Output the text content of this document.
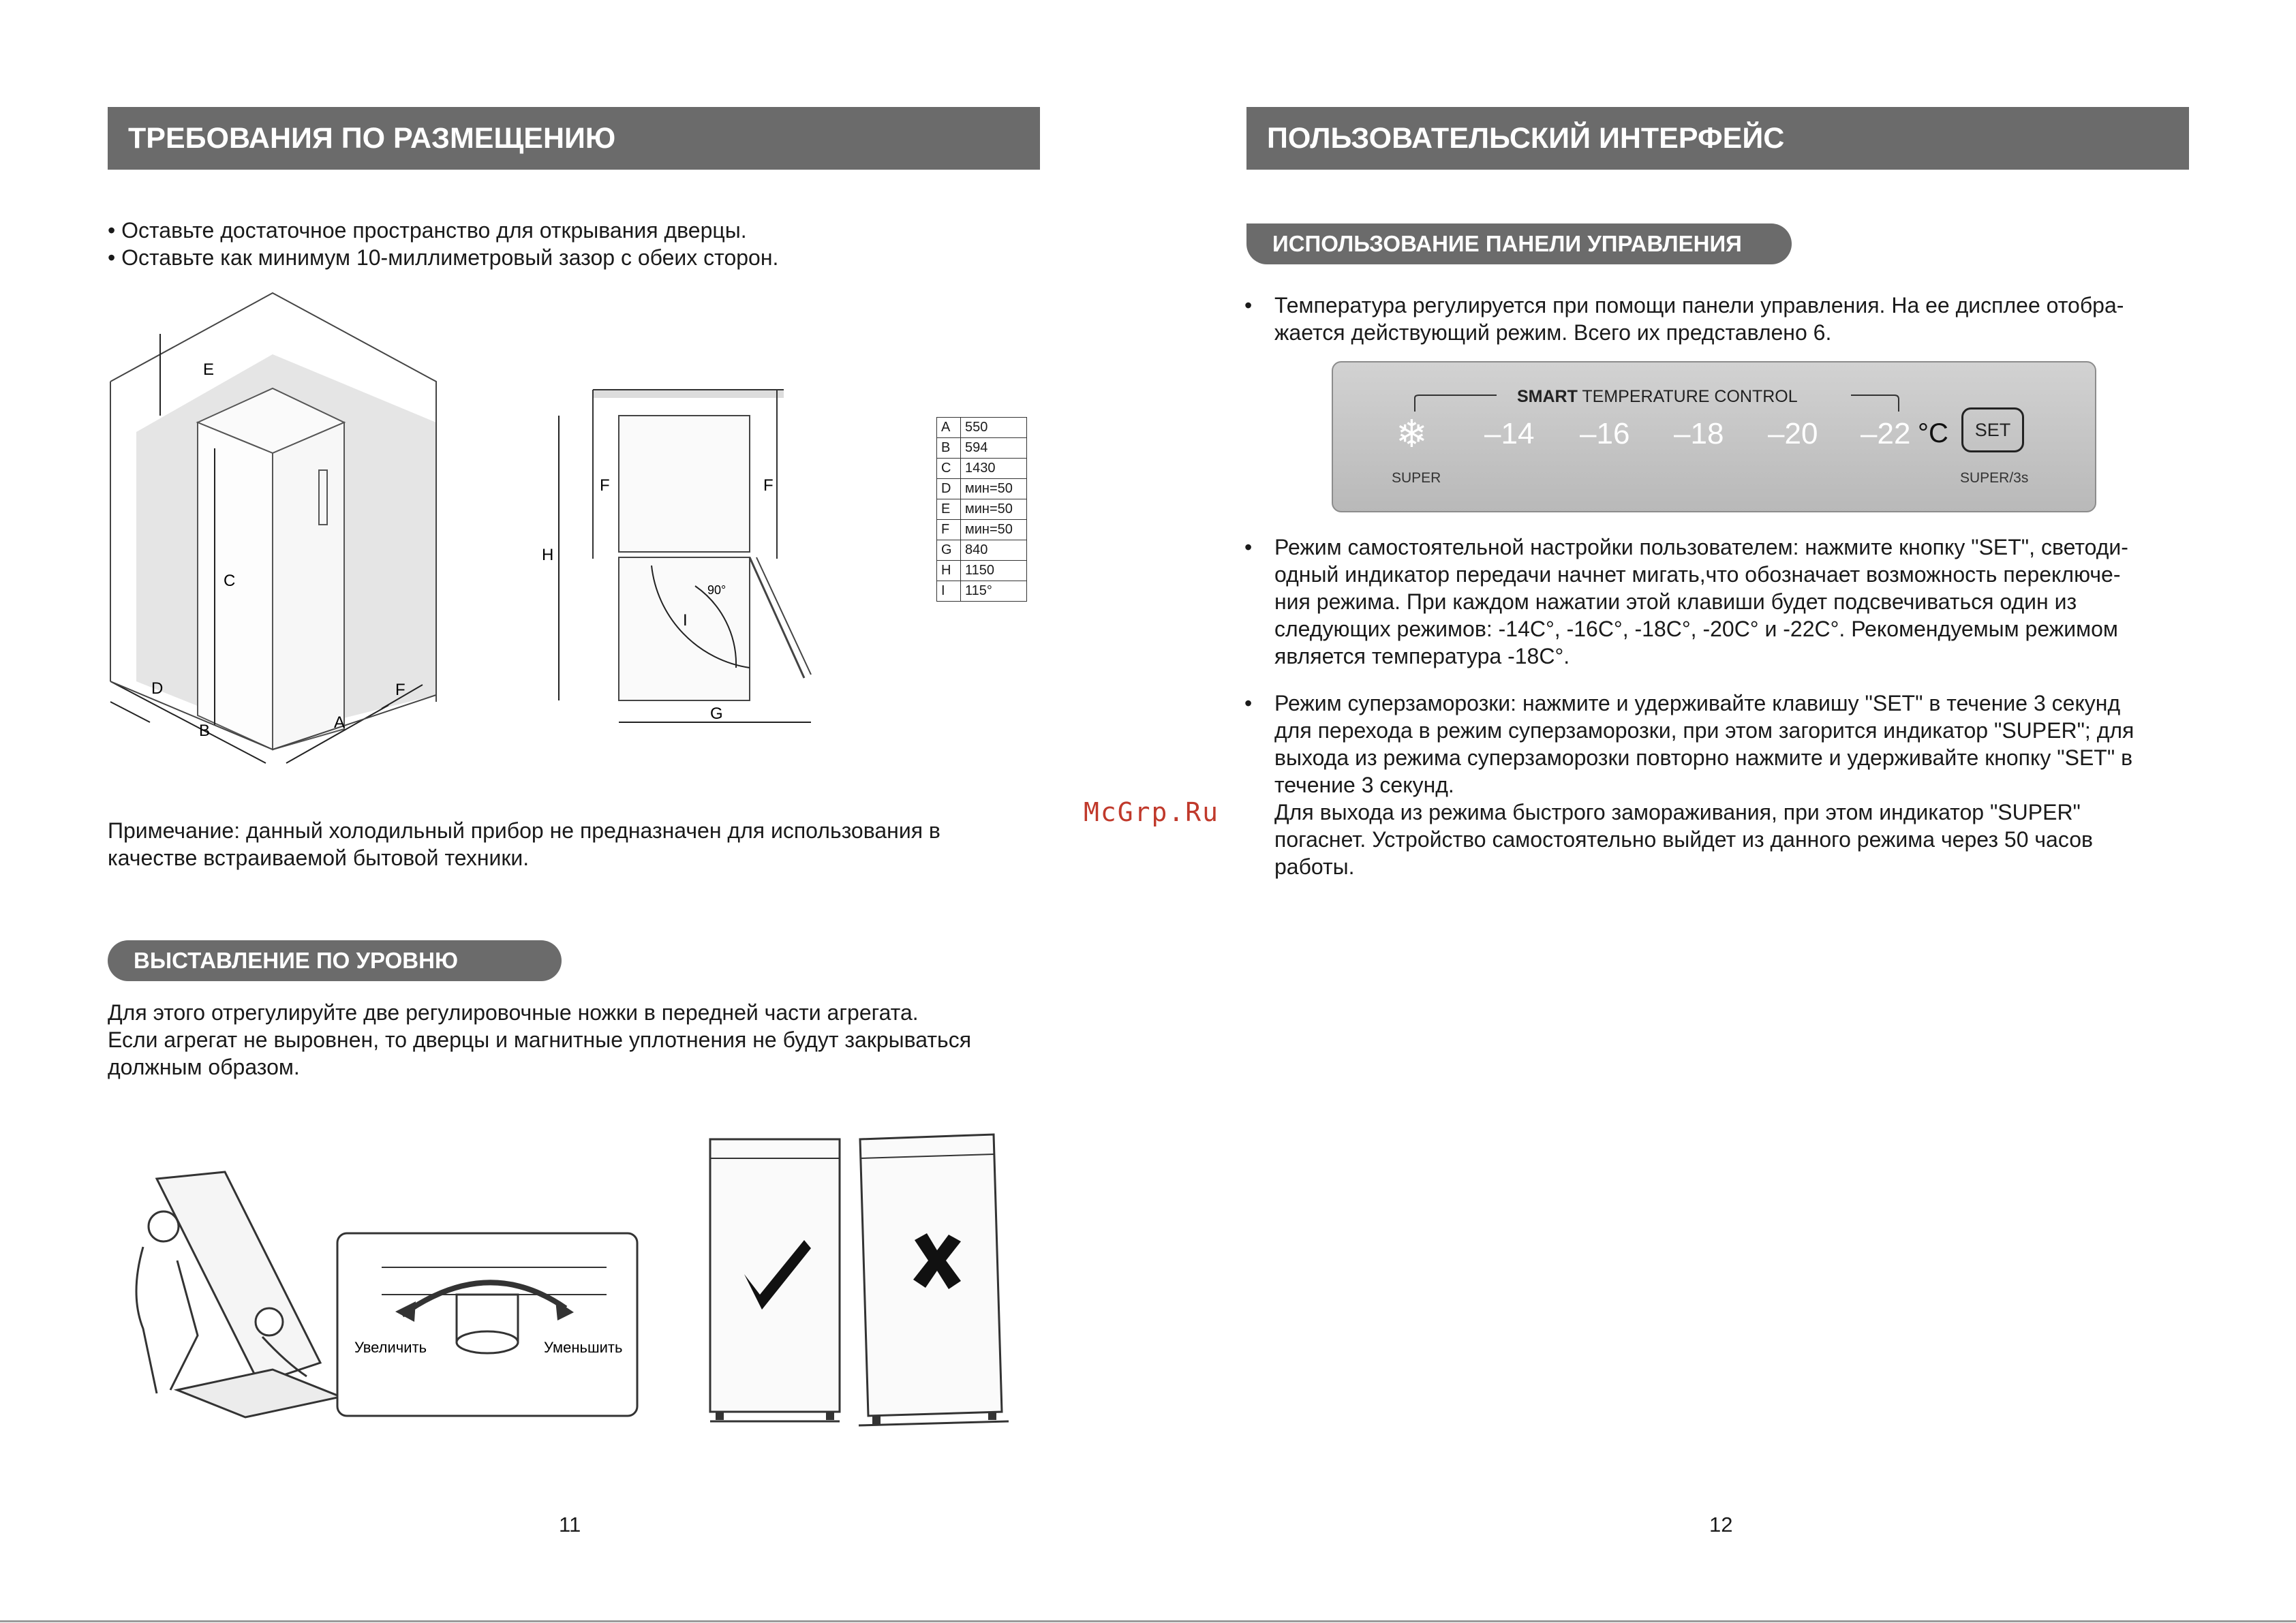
ТРЕБОВАНИЯ ПО РАЗМЕЩЕНИЮ
• Оставьте достаточное пространство для открывания дверцы.
• Оставьте как минимум 10-миллиметровый зазор с обеих сторон.
E
C
D
B	A
F
H
F	F
90°
I
G
A	550
B	594
C	1430
D	мин=50
E	мин=50
F	мин=50
G	840
H	1150
I	115°
Примечание: данный холодильный прибор не предназначен для использования в
качестве встраиваемой бытовой техники.
ВЫСТАВЛЕНИЕ ПО УРОВНЮ
Для этого отрегулируйте две регулировочные ножки в передней части агрегата.
Если агрегат не выровнен, то дверцы и магнитные уплотнения не будут закрываться
должным образом.
Увеличить	Уменьшить
11
McGrp.Ru
ПОЛЬЗОВАТЕЛЬСКИЙ ИНТЕРФЕЙС
ИСПОЛЬЗОВАНИЕ ПАНЕЛИ УПРАВЛЕНИЯ
• Температура регулируется при помощи панели управления. На ее дисплее отобра-
жается действующий режим. Всего их представлено 6.
SMART TEMPERATURE CONTROL
❄
SUPER
–14 –16 –18 –20 –22 °C	SET
SUPER/3s
• Режим самостоятельной настройки пользователем: нажмите кнопку "SET", светоди-
одный индикатор передачи начнет мигать,что обозначает возможность переключе-
ния режима. При каждом нажатии этой клавиши будет подсвечиваться один из
следующих режимов: -14С°, -16С°, -18С°, -20С° и -22С°. Рекомендуемым режимом
является температура -18С°.
• Режим суперзаморозки: нажмите и удерживайте клавишу "SET" в течение 3 секунд
для перехода в режим суперзаморозки, при этом загорится индикатор "SUPER"; для
выхода из режима суперзаморозки повторно нажмите и удерживайте кнопку "SET" в
течение 3 секунд.
Для выхода из режима быстрого замораживания, при этом индикатор "SUPER"
погаснет. Устройство самостоятельно выйдет из данного режима через 50 часов
работы.
12
